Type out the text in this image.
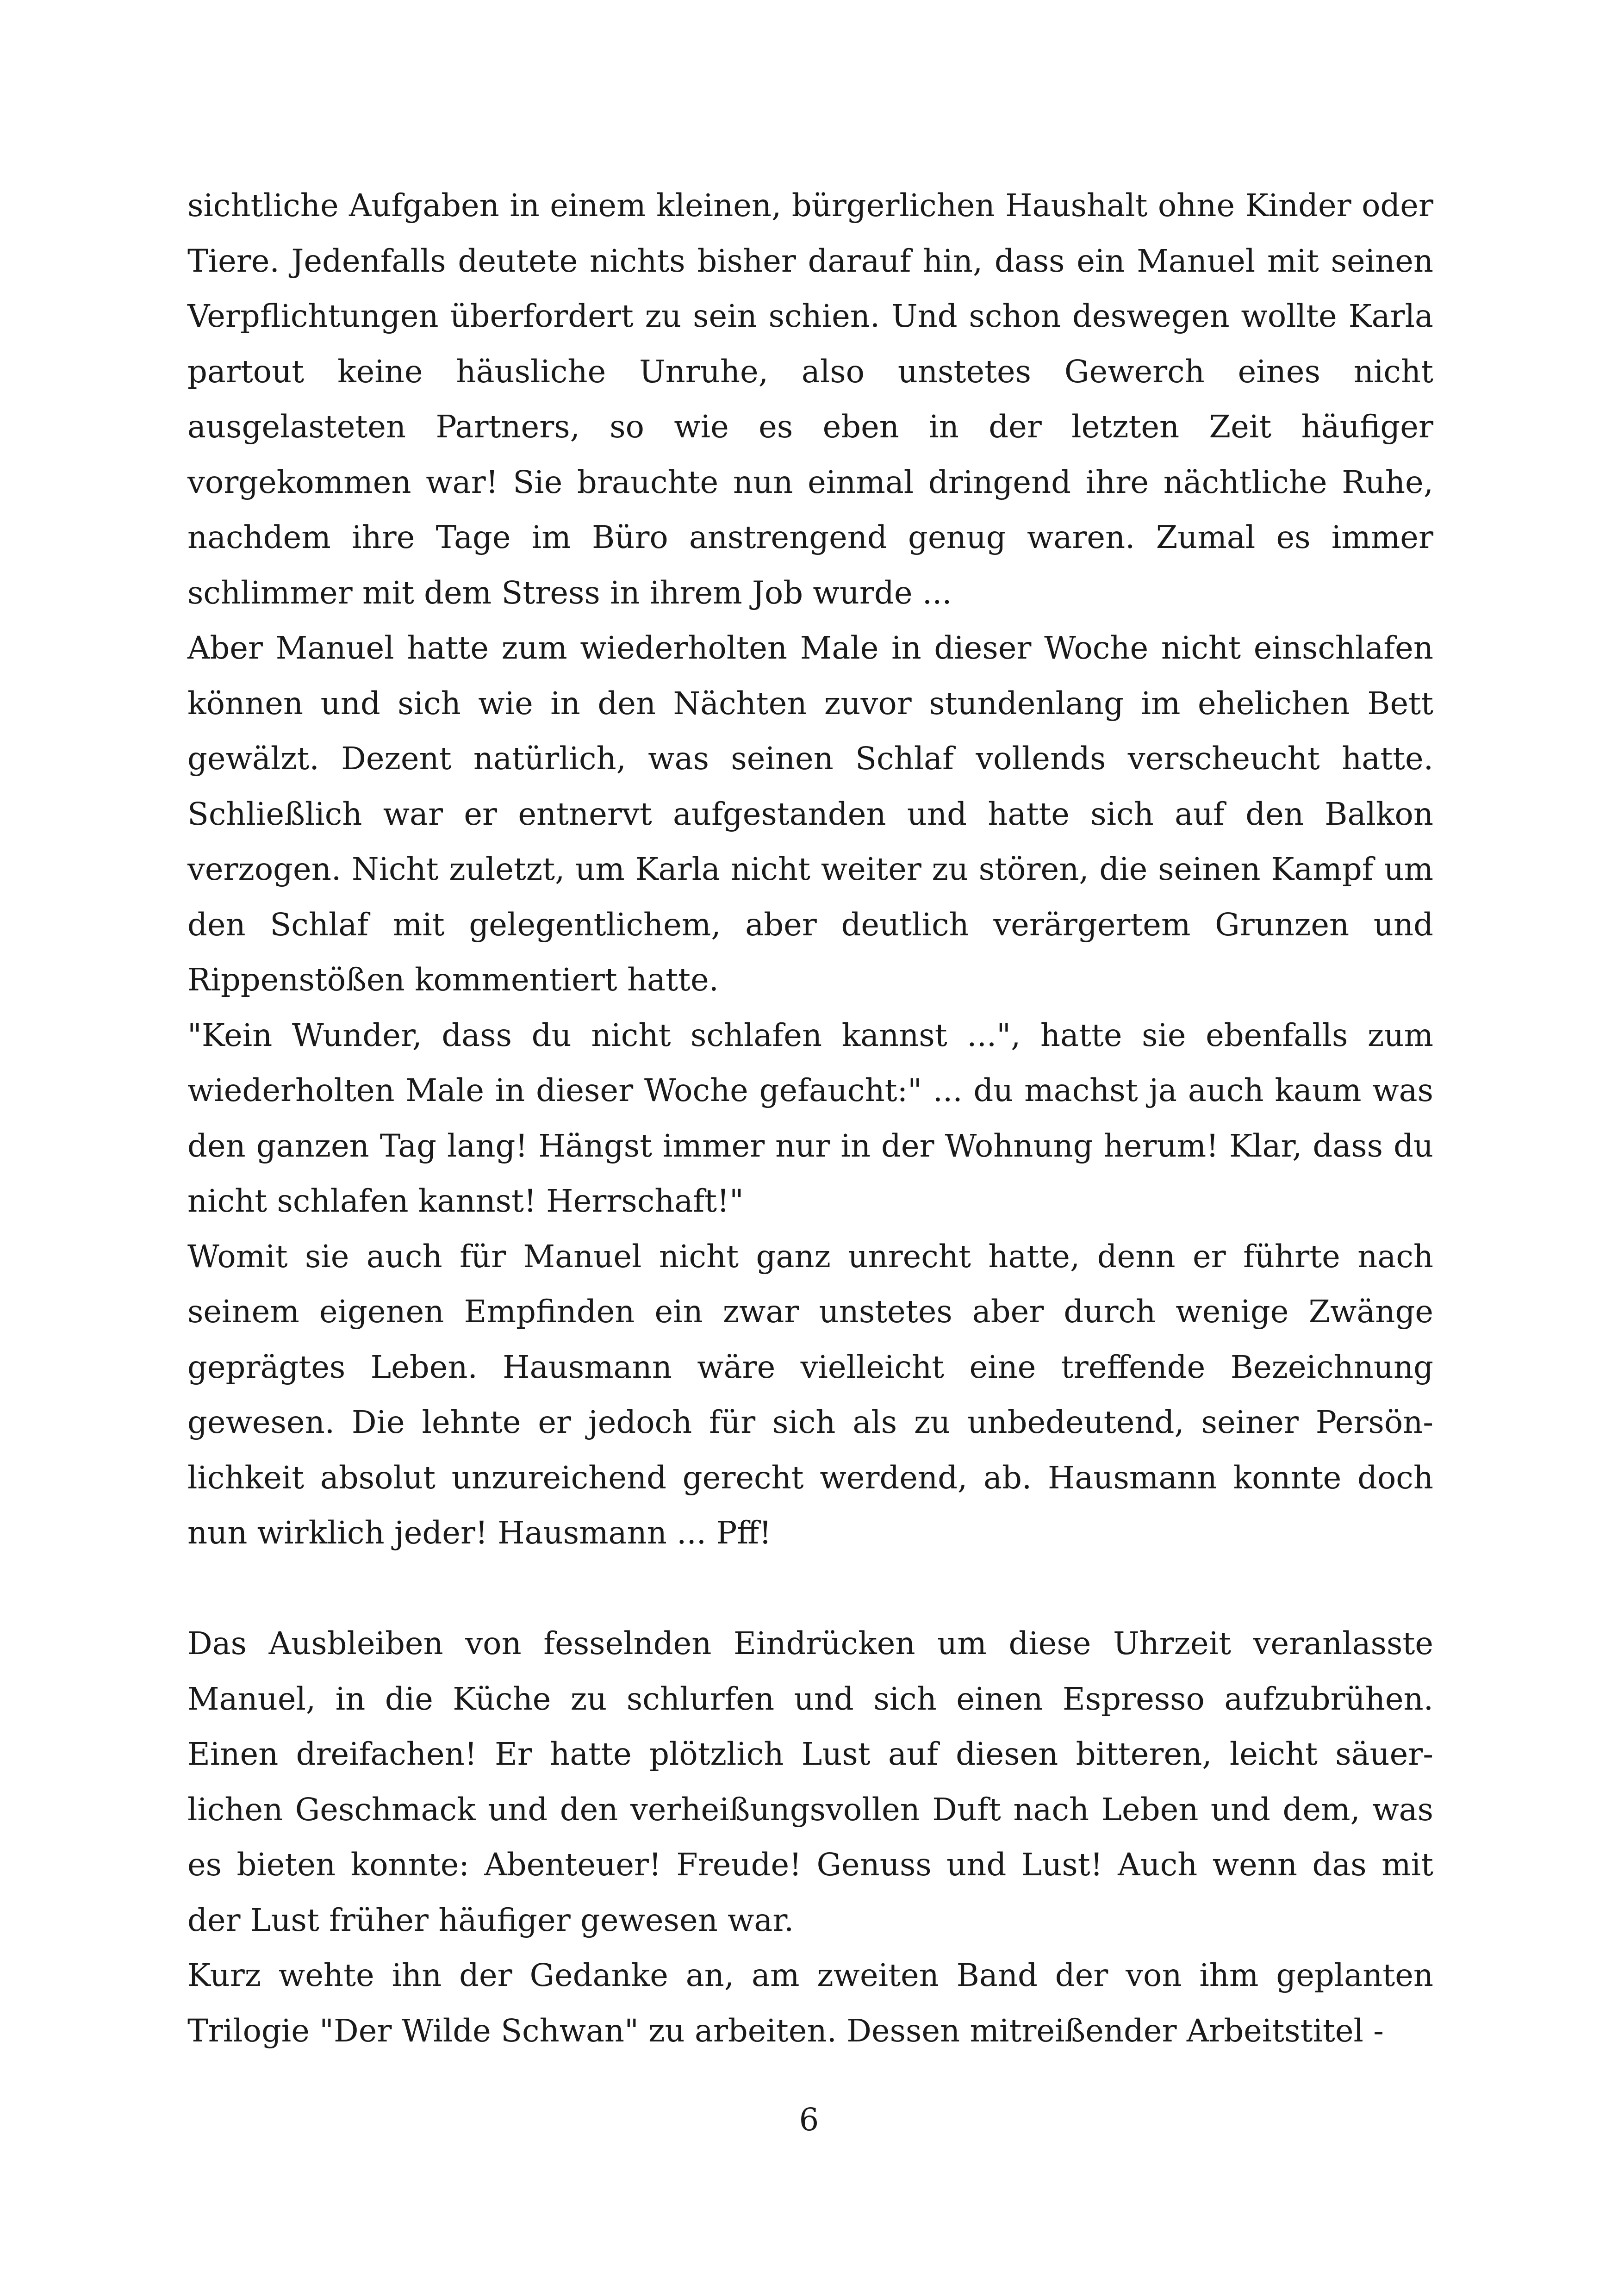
sichtliche Aufgaben in einem kleinen, bürgerlichen Haushalt ohne Kinder oder Tiere. Jedenfalls deutete nichts bisher darauf hin, dass ein Manuel mit seinen Verpflichtungen überfordert zu sein schien. Und schon deswegen wollte Karla partout keine häusliche Unruhe, also unstetes Gewerch eines nicht ausgelasteten Partners, so wie es eben in der letzten Zeit häufiger vorgekommen war! Sie brauchte nun einmal dringend ihre nächtliche Ruhe, nachdem ihre Tage im Büro anstrengend genug waren. Zumal es immer schlimmer mit dem Stress in ihrem Job wurde ...

Aber Manuel hatte zum wiederholten Male in dieser Woche nicht einschlafen können und sich wie in den Nächten zuvor stundenlang im ehelichen Bett gewälzt. Dezent natürlich, was seinen Schlaf vollends verscheucht hatte. Schließlich war er entnervt aufgestanden und hatte sich auf den Balkon verzogen. Nicht zuletzt, um Karla nicht weiter zu stören, die seinen Kampf um den Schlaf mit gelegentlichem, aber deutlich verärgertem Grunzen und Rippenstößen kommentiert hatte.

"Kein Wunder, dass du nicht schlafen kannst ...", hatte sie ebenfalls zum wiederholten Male in dieser Woche gefaucht:" ... du machst ja auch kaum was den ganzen Tag lang! Hängst immer nur in der Wohnung herum! Klar, dass du nicht schlafen kannst! Herrschaft!"

Womit sie auch für Manuel nicht ganz unrecht hatte, denn er führte nach seinem eigenen Empfinden ein zwar unstetes aber durch wenige Zwänge geprägtes Leben. Hausmann wäre vielleicht eine treffende Bezeichnung gewesen. Die lehnte er jedoch für sich als zu unbedeutend, seiner Persönlichkeit absolut unzureichend gerecht werdend, ab. Hausmann konnte doch nun wirklich jeder! Hausmann ... Pff!

Das Ausbleiben von fesselnden Eindrücken um diese Uhrzeit veranlasste Manuel, in die Küche zu schlurfen und sich einen Espresso aufzubrühen. Einen dreifachen! Er hatte plötzlich Lust auf diesen bitteren, leicht säuerlichen Geschmack und den verheißungsvollen Duft nach Leben und dem, was es bieten konnte: Abenteuer! Freude! Genuss und Lust! Auch wenn das mit der Lust früher häufiger gewesen war.

Kurz wehte ihn der Gedanke an, am zweiten Band der von ihm geplanten Trilogie "Der Wilde Schwan" zu arbeiten. Dessen mitreißender Arbeitstitel -

6
